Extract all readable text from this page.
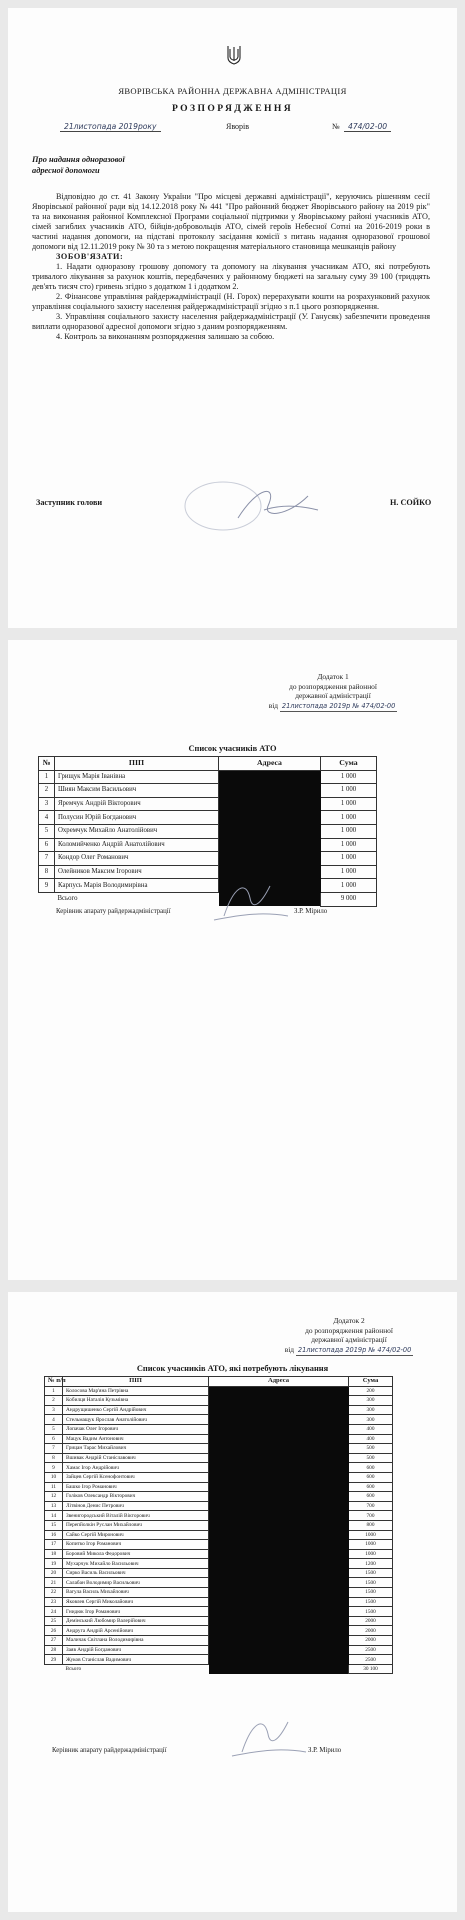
ЯВОРІВСЬКА РАЙОННА ДЕРЖАВНА АДМІНІСТРАЦІЯ
РОЗПОРЯДЖЕННЯ
21листопада 2019року	Яворів	№	474/02-00
Про надання одноразової
адресної допомоги

Відповідно до ст. 41 Закону України "Про місцеві державні адміністрації", керуючись рішенням сесії Яворівської районної ради від 14.12.2018 року № 441 "Про районний бюджет Яворівського району на 2019 рік" та на виконання районної Комплексної Програми соціальної підтримки у Яворівському районі учасників АТО, сімей загиблих учасників АТО, бійців-добровольців АТО, сімей героїв Небесної Сотні на 2016-2019 роки в частині надання допомоги, на підставі протоколу засідання комісії з питань надання одноразової грошової допомоги від 12.11.2019 року № 30 та з метою покращення матеріального становища мешканців району

ЗОБОВ'ЯЗАТИ:

1. Надати одноразову грошову допомогу та допомогу на лікування учасникам АТО, які потребують тривалого лікування за рахунок коштів, передбачених у районному бюджеті на загальну суму 39 100 (тридцять дев'ять тисяч сто) гривень згідно з додатком 1 і додатком 2.

2. Фінансове управління райдержадміністрації (Н. Горох) перерахувати кошти на розрахунковий рахунок управління соціального захисту населення райдержадміністрації згідно з п.1 цього розпорядження.

3. Управління соціального захисту населення райдержадміністрації (У. Ганусяк) забезпечити проведення виплати одноразової адресної допомоги згідно з даним розпорядженням.

4. Контроль за виконанням розпорядження залишаю за собою.

Заступник голови	Н. СОЙКО
Додаток 1
до розпорядження районної
державної адміністрації
від 21листопада 2019р № 474/02-00
Список учасників АТО
№	ПІП	Адреса	Сума
1	Грищук Марія Іванівна		1 000
2	Шиян Максим Васильович		1 000
3	Яремчук Андрій Вікторович		1 000
4	Полусин Юрій Богданович		1 000
5	Охремчук Михайло Анатолійович		1 000
6	Коломийченко Андрій Анатолійович		1 000
7	Кондор Олег Романович		1 000
8	Олейников Максим Ігорович		1 000
9	Карпусь Марія Володимирівна		1 000
	Всього		9 000
Керівник апарату райдержадміністрації	З.Р. Мірило
Додаток 2
до розпорядження районної
державної адміністрації
від 21листопада 2019р № 474/02-00
Список учасників АТО, які потребують лікування
№ п/п	ПІП	Адреса	Сума
1	Колосова Мар'яна Петрівна		200
2	Кобилця Наталія Кузьмівна		300
3	Андрущишенко Сергій Андрійович		300
4	Стельмащук Ярослав Анатолійович		300
5	Лопачак Олег Ігорович		400
6	Мацук Вадим Антонович		400
7	Грицан Тарас Михайлович		500
8	Вшивак Андрій Станіславович		500
9	Хамас Ігор Андрійович		600
10	Зайцев Сергій Ксенофонтович		600
11	Башко Ігор Романович		600
12	Голіков Олександр Вікторович		600
13	Літвінов Денис Петрович		700
14	Звенигородський Віталій Вікторович		700
15	Перепйолкін Руслан Михайлович		800
16	Сайко Сергій Миронович		1000
17	Копитко Ігор Романович		1000
18	Боровий Микола Федорович		1000
19	Мухарчук Михайло Васильович		1200
20	Сирко Василь Васильович		1500
21	Салабан Володимир Васильович		1500
22	Вагула Василь Михайлович		1500
23	Яковлев Сергій Миколайович		1500
24	Гнидюк Ігор Романович		1500
25	Демінський Любомир Валерійович		2000
26	Андруга Андрій Арсенійович		2000
27	Маличак Світлана Володимирівна		2000
28	Заяв Андрій Богданович		2500
29	Жуков Станіслав Вадимович		2500
	Всього		30 100
Керівник апарату райдержадміністрації	З.Р. Мірило
